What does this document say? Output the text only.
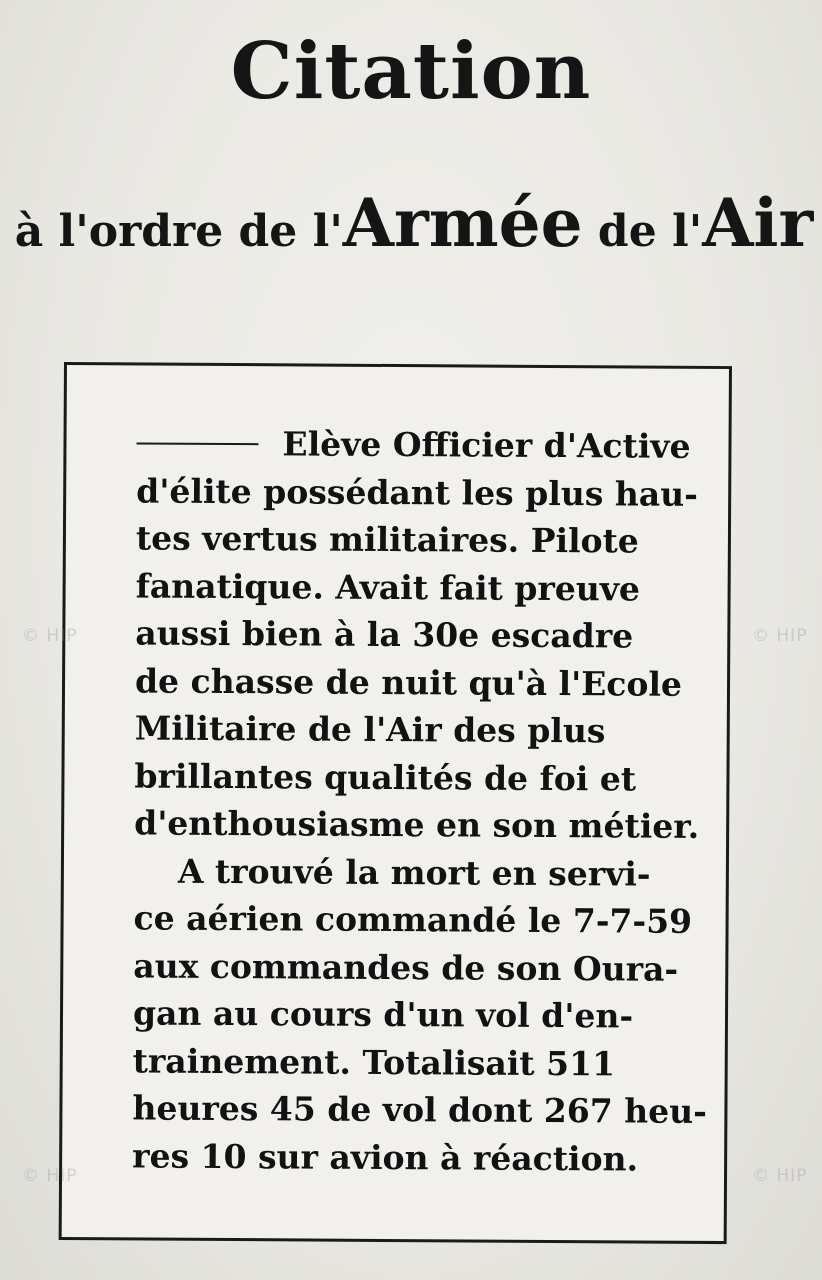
Citation
à l'ordre de l'Armée de l'Air
Elève Officier d'Active
d'élite possédant les plus hau-
tes vertus militaires. Pilote
fanatique. Avait fait preuve
aussi bien à la 30e escadre
de chasse de nuit qu'à l'Ecole
Militaire de l'Air des plus
brillantes qualités de foi et
d'enthousiasme en son métier.
A trouvé la mort en servi-
ce aérien commandé le 7-7-59
aux commandes de son Oura-
gan au cours d'un vol d'en-
trainement. Totalisait 511
heures 45 de vol dont 267 heu-
res 10 sur avion à réaction.
© HIP	© HIP
© HIP	© HIP
